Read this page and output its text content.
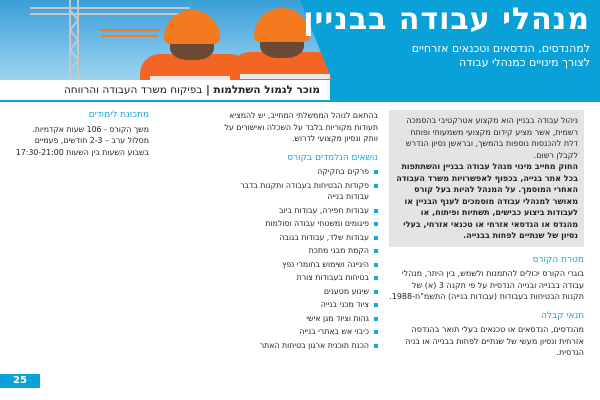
מנהלי עבודה בבניין
למהנדסים, הנדסאים וטכנאים אזרחיים
לצורך מינויים כמנהלי עבודה
מוכר לגמול השתלמות | בפיקוח משרד העבודה והרווחה

ניהול עבודה בבניין הוא מקצוע אטרקטיבי בהסמכה רשמית, אשר מציע קידום מקצועי משמעותי ופותח דלת להכנסות נוספות בהמשך, ובראשן נסיון הנדרש לקבלן רשום.

החוק מחייב מינוי מנהל עבודה בבניין והשתתפות בכל אתר בנייה, בכפוף לאפשרויות משרד העבודה האחרי המוסמך. על המנהל להיות בעל קורס מאושר למנהלי עבודה מוסמכים לענף הבניין או לעבודות ביצוע כבישים, תשתיות ופיתוח, או מהנדס או הנדסאי אזרחי או טכנאי אזרחי, בעלי נסיון של שנתיים לפחות בבנייה.

מטרת הקורס

בוגרי הקורס יכולים להתמנות ולשמש, בין היתר, מנהלי עבודה בבנייה ובנייה הנדסית על פי תקנה 3 (א) של תקנות הבטיחות בעבודות (עבודות בנייה) התשמ"ח-1988.

תנאי קבלה

מהנדסים, הנדסאים או טכנאים בעלי תואר בהנדסה אזרחית ונסיון מעשי של שנתיים לפחות בבנייה או בניה הנדסית.

בהתאם לנוהל הממשלתי המחייב, יש להמציא תעודות מקוריות בלבד על השכלה ואישורים על וותק ונסיון מקצועי לדרוש.

נושאים הנלמדים בקורס
פרקים בחקיקה
פקודות הבטיחות בעבודה ותקנות בדבר עבודות בנייה
עבודות חפירה, עבודות ביוב
פיגומים ומשטחי עבודה וסולמות
עבודות שלד, עבודות בגובה
הקמת מבני מתכת
היגיינה ושימוש בחומרי נפץ
בטיחות בעבודות צורת
שינוע מטענים
ציוד מכני בנייה
גהות וציוד מגן אישי
כיבוי אש באתרי בנייה
הכנת תוכנית ארגון בטיחות האתר
מתכונת לימודים

משך הקורס - 106 שעות אקדמיות.

מסלול ערב – 2-3 חודשים, פעמיים בשבוע השעות בין השעות 17:30-21:00

25
